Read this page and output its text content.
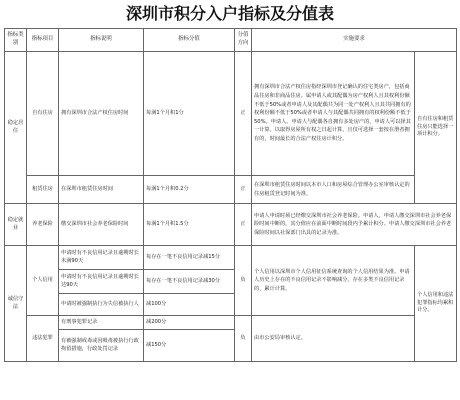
深圳市积分入户指标及分值表
指标类别	指标项目	指标说明	指标分值	分值方向	实施要求	
稳定居住	自有住房	拥有深圳市合法产权住房时间	每满1个月积1分	正	拥有深圳市合法产权住房指经深圳市登记确认的住宅类房产，包括商品住房和非商品住房。属申请人或其配偶为房产权利人且其权利份额不低于50%或者申请人及其配偶共为同一处产权利人且其共同拥有的权利份额不低于50%或者申请人与其配偶共同拥有的权利份额不低于50%。申请人、申请人与配偶各自拥有多处房产的，申请人可以择其一计算，以取得房屋所有权之日起计算，且仅可选择一套按在册者拥有的，时间最长的合法产权住房计积分。	自有住房和租赁住房只能选择一项计积分。
	租赁住房	在深圳市租赁住房时间	每满1个月积0.2分	正	在深圳市租赁住房时间以本市人口和房屋综合管理办公室审核认定的住房租赁登记时间为准。	
稳定就业	养老保险	缴交深圳市社会养老保险时间	每满1个月积1.5分	正	申请人申请时须已经缴交深圳市社会养老保险。申请人、申请人缴交深圳市社会养老保险时间中断的，其分值应在前面中断时间段内予累计积分。申请人缴交深圳市社会养老保险时间以社保部门出具的记录为准。	
诚信守法	个人信用	申请时有不良信用记录且逾期时长未满90天	每存在一笔不良信用记录减15分	负	个人信用以深圳市个人信用征信系统查询的个人信用结果为准。申请人历史上存在的不良信用记录不影响减分，存在多类不良信用记录的，累计计算。	个人信用和违法犯罪指标均累积计分。
		申请时有不良信用记录且逾期时长达90天	每存在一笔不良信用记录减30分			
		申请时被强制执行为失信被执行人	减100分			
	违法犯罪	有刑事犯罪记录	减200分	负	由市公安局审核认定。	
		有被强制戒毒或因吸毒被执行行政拘留措施，行政处罚记录	减150分			
